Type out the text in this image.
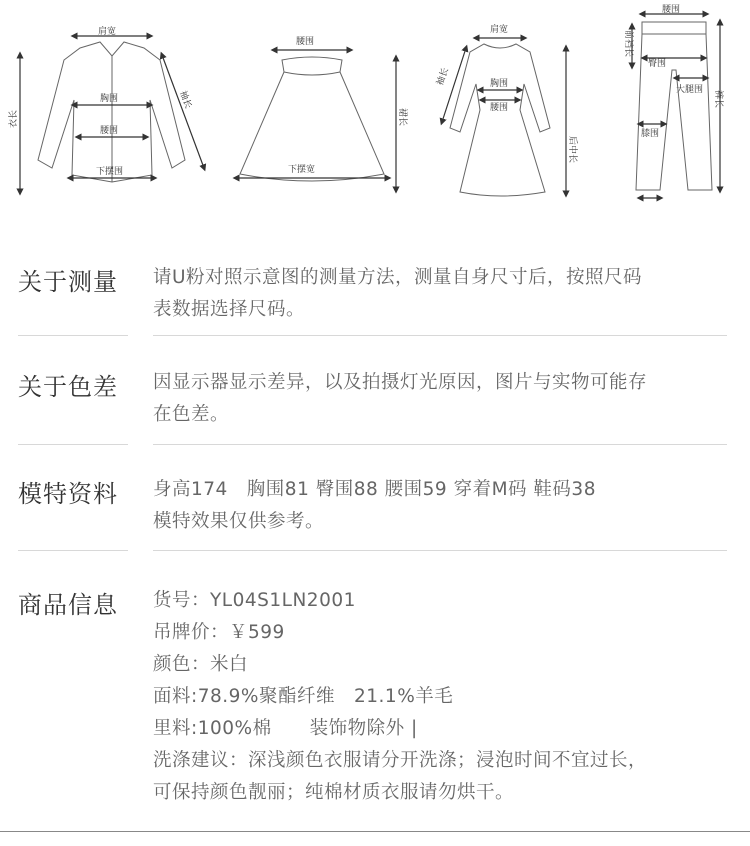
肩宽
胸围
腰围
下摆围
衣长
袖长
腰围
下摆宽
裙长
肩宽
胸围
腰围
袖长
后中长
腰围
前裆长
臀围
大腿围
膝围
裤长
关于测量 请U粉对照示意图的测量方法，测量自身尺寸后，按照尺码
表数据选择尺码。
关于色差 因显示器显示差异，以及拍摄灯光原因，图片与实物可能存
在色差。
模特资料 身高174　胸围81 臀围88 腰围59 穿着M码 鞋码38
模特效果仅供参考。
商品信息 货号：YL04S1LN2001
吊牌价：￥599
颜色：米白
面料:78.9%聚酯纤维　21.1%羊毛
里料:100%棉　　装饰物除外 |
洗涤建议：深浅颜色衣服请分开洗涤；浸泡时间不宜过长，
可保持颜色靓丽；纯棉材质衣服请勿烘干。
